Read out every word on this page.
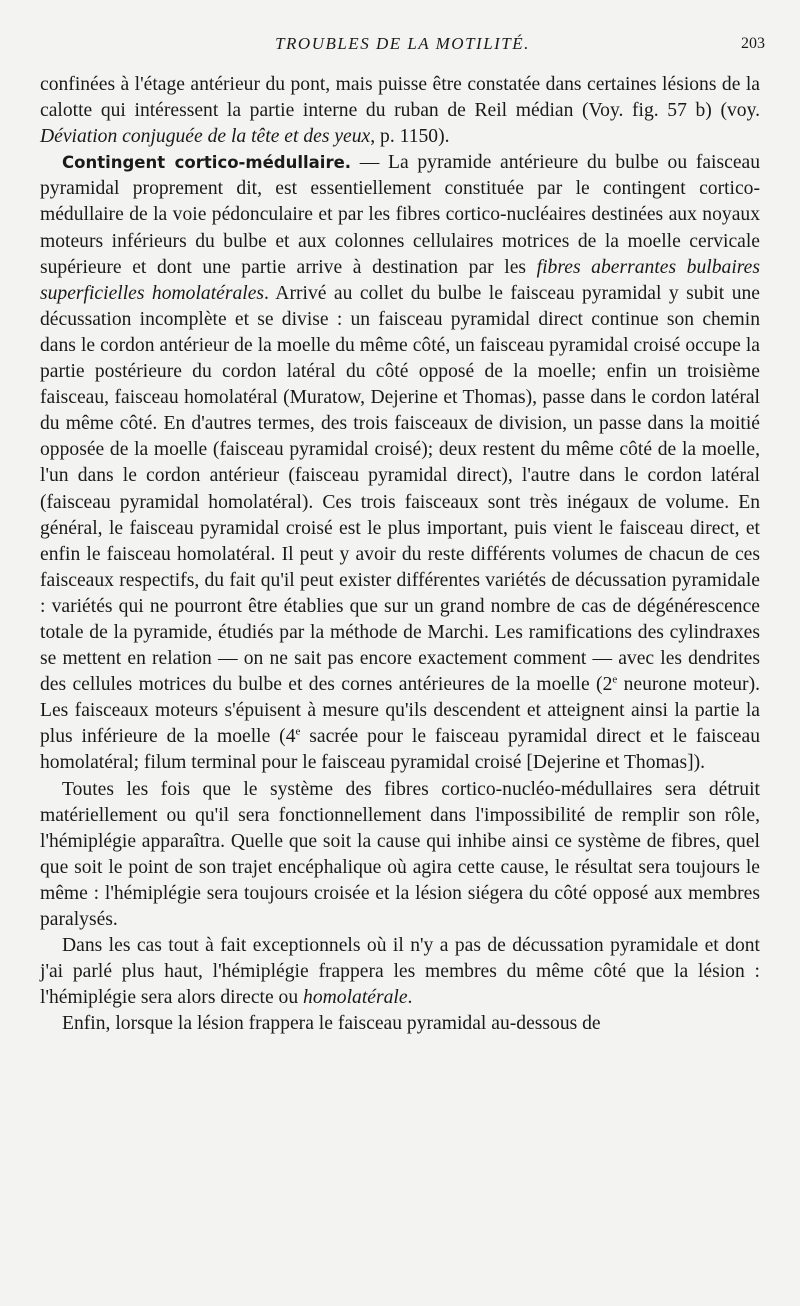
TROUBLES DE LA MOTILITÉ.	203

confinées à l'étage antérieur du pont, mais puisse être constatée dans certaines lésions de la calotte qui intéressent la partie interne du ruban de Reil médian (Voy. fig. 57 b) (voy. Déviation conjuguée de la tête et des yeux, p. 1150).

Contingent cortico-médullaire. — La pyramide antérieure du bulbe ou faisceau pyramidal proprement dit, est essentiellement constituée par le contingent cortico-médullaire de la voie pédonculaire et par les fibres cortico-nucléaires destinées aux noyaux moteurs inférieurs du bulbe et aux colonnes cellulaires motrices de la moelle cervicale supérieure et dont une partie arrive à destination par les fibres aberrantes bulbaires superficielles homolatérales. Arrivé au collet du bulbe le faisceau pyramidal y subit une décussation incomplète et se divise : un faisceau pyramidal direct continue son chemin dans le cordon antérieur de la moelle du même côté, un faisceau pyramidal croisé occupe la partie postérieure du cordon latéral du côté opposé de la moelle; enfin un troisième faisceau, faisceau homolatéral (Muratow, Dejerine et Thomas), passe dans le cordon latéral du même côté. En d'autres termes, des trois faisceaux de division, un passe dans la moitié opposée de la moelle (faisceau pyramidal croisé); deux restent du même côté de la moelle, l'un dans le cordon antérieur (faisceau pyramidal direct), l'autre dans le cordon latéral (faisceau pyramidal homolatéral). Ces trois faisceaux sont très inégaux de volume. En général, le faisceau pyramidal croisé est le plus important, puis vient le faisceau direct, et enfin le faisceau homolatéral. Il peut y avoir du reste différents volumes de chacun de ces faisceaux respectifs, du fait qu'il peut exister différentes variétés de décussation pyramidale : variétés qui ne pourront être établies que sur un grand nombre de cas de dégénérescence totale de la pyramide, étudiés par la méthode de Marchi. Les ramifications des cylindraxes se mettent en relation — on ne sait pas encore exactement comment — avec les dendrites des cellules motrices du bulbe et des cornes antérieures de la moelle (2e neurone moteur). Les faisceaux moteurs s'épuisent à mesure qu'ils descendent et atteignent ainsi la partie la plus inférieure de la moelle (4e sacrée pour le faisceau pyramidal direct et le faisceau homolatéral; filum terminal pour le faisceau pyramidal croisé [Dejerine et Thomas]).

Toutes les fois que le système des fibres cortico-nucléo-médullaires sera détruit matériellement ou qu'il sera fonctionnellement dans l'impossibilité de remplir son rôle, l'hémiplégie apparaîtra. Quelle que soit la cause qui inhibe ainsi ce système de fibres, quel que soit le point de son trajet encéphalique où agira cette cause, le résultat sera toujours le même : l'hémiplégie sera toujours croisée et la lésion siégera du côté opposé aux membres paralysés.

Dans les cas tout à fait exceptionnels où il n'y a pas de décussation pyramidale et dont j'ai parlé plus haut, l'hémiplégie frappera les membres du même côté que la lésion : l'hémiplégie sera alors directe ou homolatérale.

Enfin, lorsque la lésion frappera le faisceau pyramidal au-dessous de
